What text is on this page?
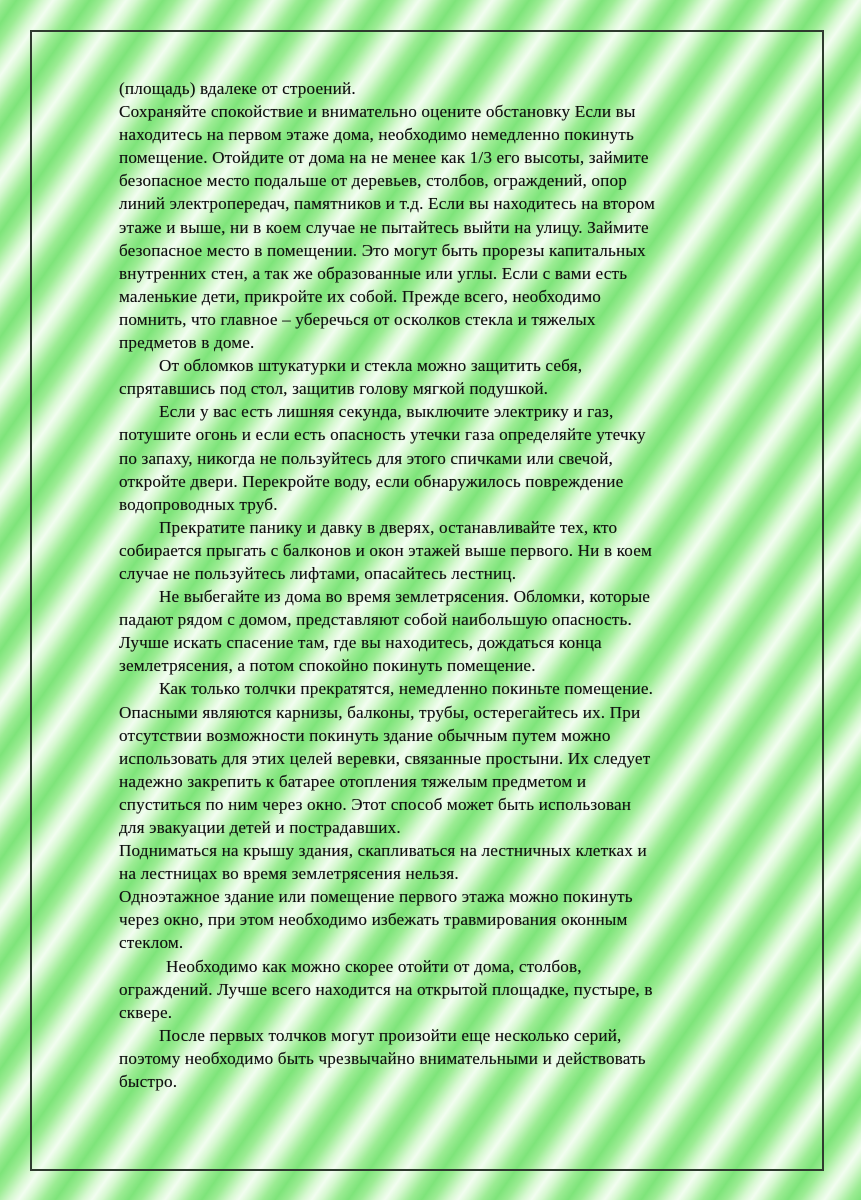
(площадь) вдалеке от строений.
Сохраняйте спокойствие и внимательно оцените обстановку Если вы
находитесь на первом этаже дома, необходимо немедленно покинуть
помещение. Отойдите от дома на не менее как 1/3 его высоты, займите
безопасное место подальше от деревьев, столбов, ограждений, опор
линий электропередач, памятников и т.д. Если вы находитесь на втором
этаже и выше, ни в коем случае не пытайтесь выйти на улицу. Займите
безопасное место в помещении. Это могут быть прорезы капитальных
внутренних стен, а так же образованные или углы. Если с вами есть
маленькие дети, прикройте их собой. Прежде всего, необходимо
помнить, что главное – уберечься от осколков стекла и тяжелых
предметов в доме.
От обломков штукатурки и стекла можно защитить себя,
спрятавшись под стол, защитив голову мягкой подушкой.
Если у вас есть лишняя секунда, выключите электрику и газ,
потушите огонь и если есть опасность утечки газа определяйте утечку
по запаху, никогда не пользуйтесь для этого спичками или свечой,
откройте двери. Перекройте воду, если обнаружилось повреждение
водопроводных труб.
Прекратите панику и давку в дверях, останавливайте тех, кто
собирается прыгать с балконов и окон этажей выше первого. Ни в коем
случае не пользуйтесь лифтами, опасайтесь лестниц.
Не выбегайте из дома во время землетрясения. Обломки, которые
падают рядом с домом, представляют собой наибольшую опасность.
Лучше искать спасение там, где вы находитесь, дождаться конца
землетрясения, а потом спокойно покинуть помещение.
Как только толчки прекратятся, немедленно покиньте помещение.
Опасными являются карнизы, балконы, трубы, остерегайтесь их. При
отсутствии возможности покинуть здание обычным путем можно
использовать для этих целей веревки, связанные простыни. Их следует
надежно закрепить к батарее отопления тяжелым предметом и
спуститься по ним через окно. Этот способ может быть использован
для эвакуации детей и пострадавших.
Подниматься на крышу здания, скапливаться на лестничных клетках и
на лестницах во время землетрясения нельзя.
Одноэтажное здание или помещение первого этажа можно покинуть
через окно, при этом необходимо избежать травмирования оконным
стеклом.
Необходимо как можно скорее отойти от дома, столбов,
ограждений. Лучше всего находится на открытой площадке, пустыре, в
сквере.
После первых толчков могут произойти еще несколько серий,
поэтому необходимо быть чрезвычайно внимательными и действовать
быстро.
